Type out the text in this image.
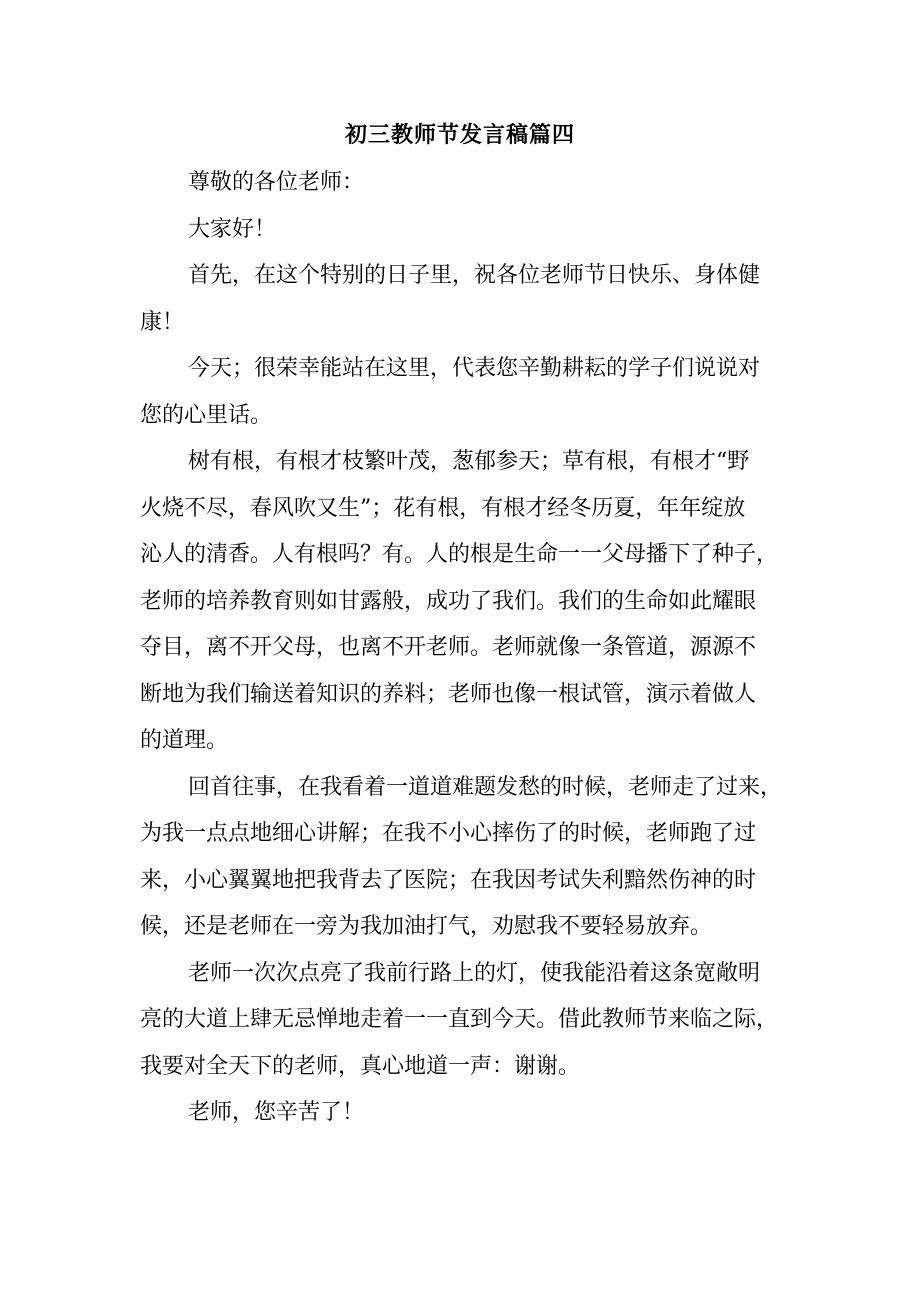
初三教师节发言稿篇四
尊敬的各位老师：
大家好！
首先，在这个特别的日子里，祝各位老师节日快乐、身体健
康！
今天；很荣幸能站在这里，代表您辛勤耕耘的学子们说说对
您的心里话。
树有根，有根才枝繁叶茂，葱郁参天；草有根，有根才“野
火烧不尽，春风吹又生”；花有根，有根才经冬历夏，年年绽放
沁人的清香。人有根吗？有。人的根是生命一一父母播下了种子，
老师的培养教育则如甘露般，成功了我们。我们的生命如此耀眼
夺目，离不开父母，也离不开老师。老师就像一条管道，源源不
断地为我们输送着知识的养料；老师也像一根试管，演示着做人
的道理。
回首往事，在我看着一道道难题发愁的时候，老师走了过来，
为我一点点地细心讲解；在我不小心摔伤了的时候，老师跑了过
来，小心翼翼地把我背去了医院；在我因考试失利黯然伤神的时
候，还是老师在一旁为我加油打气，劝慰我不要轻易放弃。
老师一次次点亮了我前行路上的灯，使我能沿着这条宽敞明
亮的大道上肆无忌惮地走着一一直到今天。借此教师节来临之际，
我要对全天下的老师，真心地道一声：谢谢。
老师，您辛苦了！
